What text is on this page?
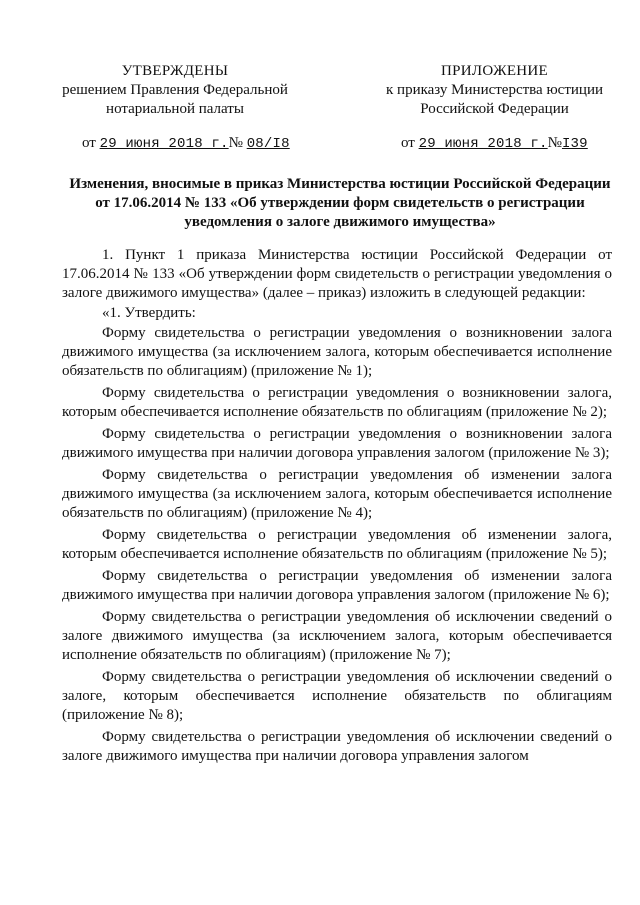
УТВЕРЖДЕНЫ
решением Правления Федеральной
нотариальной палаты
от 29 июня 2018 г.№ 08/I8
ПРИЛОЖЕНИЕ
к приказу Министерства юстиции
Российской Федерации
от 29 июня 2018 г.№I39
Изменения, вносимые в приказ Министерства юстиции Российской Федерации
от 17.06.2014 № 133 «Об утверждении форм свидетельств о регистрации
уведомления о залоге движимого имущества»

1. Пункт 1 приказа Министерства юстиции Российской Федерации от 17.06.2014 № 133 «Об утверждении форм свидетельств о регистрации уведомления о залоге движимого имущества» (далее – приказ) изложить в следующей редакции:

«1. Утвердить:

Форму свидетельства о регистрации уведомления о возникновении залога движимого имущества (за исключением залога, которым обеспечивается исполнение обязательств по облигациям) (приложение № 1);

Форму свидетельства о регистрации уведомления о возникновении залога, которым обеспечивается исполнение обязательств по облигациям (приложение № 2);

Форму свидетельства о регистрации уведомления о возникновении залога движимого имущества при наличии договора управления залогом (приложение № 3);

Форму свидетельства о регистрации уведомления об изменении залога движимого имущества (за исключением залога, которым обеспечивается исполнение обязательств по облигациям) (приложение № 4);

Форму свидетельства о регистрации уведомления об изменении залога, которым обеспечивается исполнение обязательств по облигациям (приложение № 5);

Форму свидетельства о регистрации уведомления об изменении залога движимого имущества при наличии договора управления залогом (приложение № 6);

Форму свидетельства о регистрации уведомления об исключении сведений о залоге движимого имущества (за исключением залога, которым обеспечивается исполнение обязательств по облигациям) (приложение № 7);

Форму свидетельства о регистрации уведомления об исключении сведений о залоге, которым обеспечивается исполнение обязательств по облигациям (приложение № 8);

Форму свидетельства о регистрации уведомления об исключении сведений о залоге движимого имущества при наличии договора управления залогом
